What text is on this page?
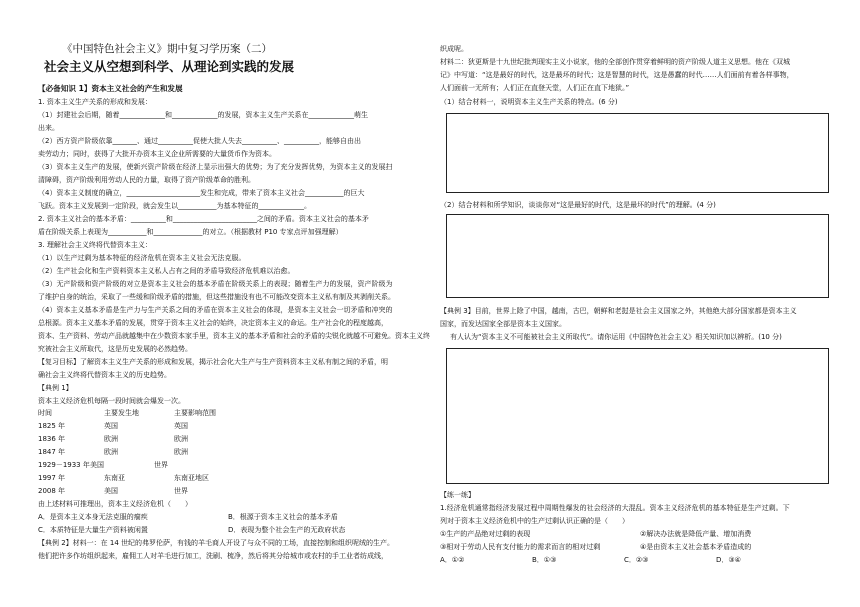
《中国特色社会主义》期中复习学历案（二）
社会主义从空想到科学、从理论到实践的发展
【必备知识 1】资本主义社会的产生和发展
1. 资本主义生产关系的形成和发展：
（1）封建社会后期，随着_____________和_____________的发展，资本主义生产关系在_____________萌生
出来。
（2）西方资产阶级依靠_______、通过__________促使大批人失去__________、__________，能够自由出
卖劳动力；同时，获得了大批开办资本主义企业所需要的大量货币作为资本。
（3）资本主义生产的发展，使新兴资产阶级在经济上显示出强大的优势；为了充分发挥优势，为资本主义的发展扫
清障碍，资产阶级利用劳动人民的力量，取得了资产阶级革命的胜利。
（4）资本主义制度的确立，_____________________发生和完成，带来了资本主义社会___________的巨大
飞跃。资本主义发展到一定阶段，就会发生以___________为基本特征的_____________。
2. 资本主义社会的基本矛盾：__________和________________________之间的矛盾。资本主义社会的基本矛
盾在阶级关系上表现为___________和______________的对立。（根据教材 P10 专家点评加强理解）
3. 理解社会主义终将代替资本主义：
（1）以生产过剩为基本特征的经济危机在资本主义社会无法克服。
（2）生产社会化和生产资料资本主义私人占有之间的矛盾导致经济危机难以治愈。
（3）无产阶级和资产阶级的对立是资本主义社会的基本矛盾在阶级关系上的表现；随着生产力的发展，资产阶级为
了维护自身的统治，采取了一些缓和阶级矛盾的措施，但这些措施没有也不可能改变资本主义私有制及其剥削关系。
（4）资本主义基本矛盾是生产力与生产关系之间的矛盾在资本主义社会的体现，是资本主义社会一切矛盾和冲突的
总根源。资本主义基本矛盾的发展，贯穿于资本主义社会的始终，决定资本主义的命运。生产社会化的程度越高，
资本、生产资料、劳动产品就越集中在少数资本家手里，资本主义的基本矛盾和社会的矛盾的尖锐化就越不可避免。资本主义终
究被社会主义所取代，这是历史发展的必然趋势。
【复习目标】了解资本主义生产关系的形成和发展，揭示社会化大生产与生产资料资本主义私有制之间的矛盾，明
确社会主义终将代替资本主义的历史趋势。
【典例 1】
资本主义经济危机每隔一段时间就会爆发一次。
时间	主要发生地	主要影响范围
1825 年	英国	英国
1836 年	欧洲	欧洲
1847 年	欧洲	欧洲
1929－1933 年美国	世界
1997 年	东南亚	东南亚地区
2008 年	美国	世界
由上述材料可推理出，资本主义经济危机（　　）
A．是资本主义本身无法克服的痼疾	B．根源于资本主义社会的基本矛盾
C．本质特征是大量生产资料被闲置	D．表现为整个社会生产的无政府状态
【典例 2】材料一：在 14 世纪的弗罗伦萨，有钱的羊毛商人开设了与众不同的工场，直接控制和组织呢绒的生产。
他们把许多作坊组织起来，雇佣工人对羊毛进行加工，洗刷、梳净，然后将其分给城市或农村的手工业者纺成线，
织成呢。
材料二：狄更斯是十九世纪批判现实主义小说家，他的全部创作贯穿着鲜明的资产阶级人道主义思想。他在《双城
记》中写道：“这是最好的时代，这是最坏的时代；这是智慧的时代，这是愚蠢的时代……人们面前有着各样事物，
人们面前一无所有；人们正在直登天堂，人们正在直下地狱。”
（1）结合材料一，说明资本主义生产关系的特点。(6 分)
（2）结合材料和所学知识，谈谈你对“这是最好的时代，这是最坏的时代”的理解。(4 分)
【典例 3】目前，世界上除了中国，越南，古巴，朝鲜和老挝是社会主义国家之外，其他绝大部分国家都是资本主义
国家，而发达国家全部是资本主义国家。
有人认为“资本主义不可能被社会主义所取代”。请你运用《中国特色社会主义》相关知识加以辨析。(10 分)
【练一练】
1.经济危机通常指经济发展过程中周期性爆发的社会经济的大混乱。资本主义经济危机的基本特征是生产过剩。下
列对于资本主义经济危机中的生产过剩认识正确的是（　　）
①生产的产品绝对过剩的表现	②解决办法就是降低产量、增加消费
③相对于劳动人民有支付能力的需求而言的相对过剩	④是由资本主义社会基本矛盾造成的
A．①②	B．①③	C．②③	D．③④
